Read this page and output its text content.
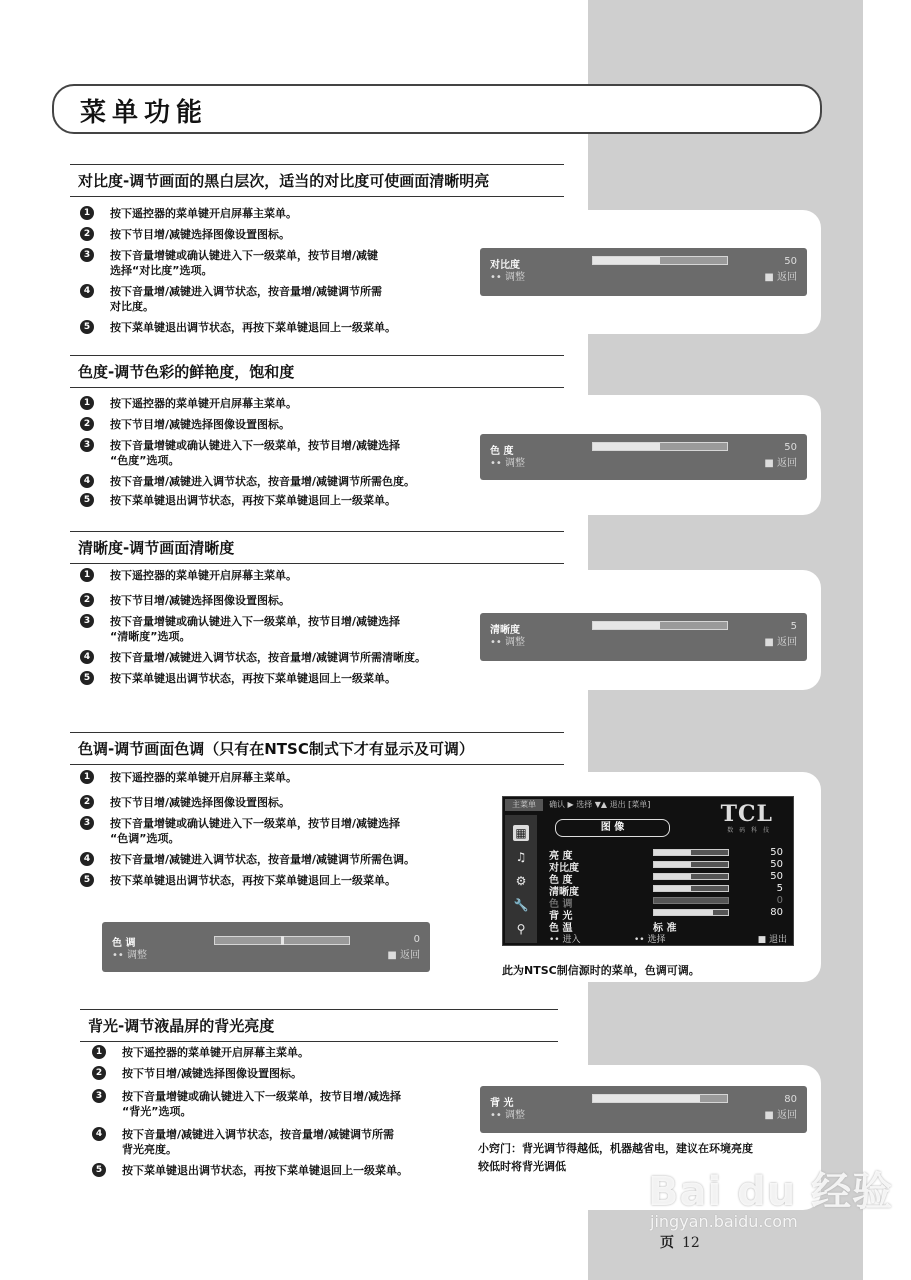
菜单功能
对比度-调节画面的黑白层次，适当的对比度可使画面清晰明亮
1	按下遥控器的菜单键开启屏幕主菜单。
2	按下节目增/减键选择图像设置图标。
3	按下音量增键或确认键进入下一级菜单，按节目增/减键
选择“对比度”选项。
4	按下音量增/减键进入调节状态，按音量增/减键调节所需
对比度。
5	按下菜单键退出调节状态，再按下菜单键退回上一级菜单。
对比度
•• 调整
50
■ 返回
色度-调节色彩的鲜艳度，饱和度
1	按下遥控器的菜单键开启屏幕主菜单。
2	按下节目增/减键选择图像设置图标。
3	按下音量增键或确认键进入下一级菜单，按节目增/减键选择
“色度”选项。
4	按下音量增/减键进入调节状态，按音量增/减键调节所需色度。
5	按下菜单键退出调节状态，再按下菜单键退回上一级菜单。
色 度
•• 调整
50
■ 返回
清晰度-调节画面清晰度
1	按下遥控器的菜单键开启屏幕主菜单。
2	按下节目增/减键选择图像设置图标。
3	按下音量增键或确认键进入下一级菜单，按节目增/减键选择
“清晰度”选项。
4	按下音量增/减键进入调节状态，按音量增/减键调节所需清晰度。
5	按下菜单键退出调节状态，再按下菜单键退回上一级菜单。
清晰度
•• 调整
5
■ 返回
色调-调节画面色调（只有在NTSC制式下才有显示及可调）
1	按下遥控器的菜单键开启屏幕主菜单。
2	按下节目增/减键选择图像设置图标。
3	按下音量增键或确认键进入下一级菜单，按节目增/减键选择
“色调”选项。
4	按下音量增/减键进入调节状态，按音量增/减键调节所需色调。
5	按下菜单键退出调节状态，再按下菜单键退回上一级菜单。
色 调
•• 调整
0
■ 返回
主菜单	确认 ▶ 选择 ▼▲ 退出 [菜单]	TCL
数 码 科 技
▦
♫
⚙
🔧
⚲
图 像
亮 度	50
对比度	50
色 度	50
清晰度	5
色 调	0
背 光	80
色 温	标 准
•• 进入	•• 选择	■ 退出
此为NTSC制信源时的菜单，色调可调。
背光-调节液晶屏的背光亮度
1	按下遥控器的菜单键开启屏幕主菜单。
2	按下节目增/减键选择图像设置图标。
3	按下音量增键或确认键进入下一级菜单，按节目增/减选择
“背光”选项。
4	按下音量增/减键进入调节状态，按音量增/减键调节所需
背光亮度。
5	按下菜单键退出调节状态，再按下菜单键退回上一级菜单。
背 光
•• 调整
80
■ 返回
小窍门：背光调节得越低，机器越省电，建议在环境亮度
较低时将背光调低
Bai du 经验
jingyan.baidu.com
页 12
